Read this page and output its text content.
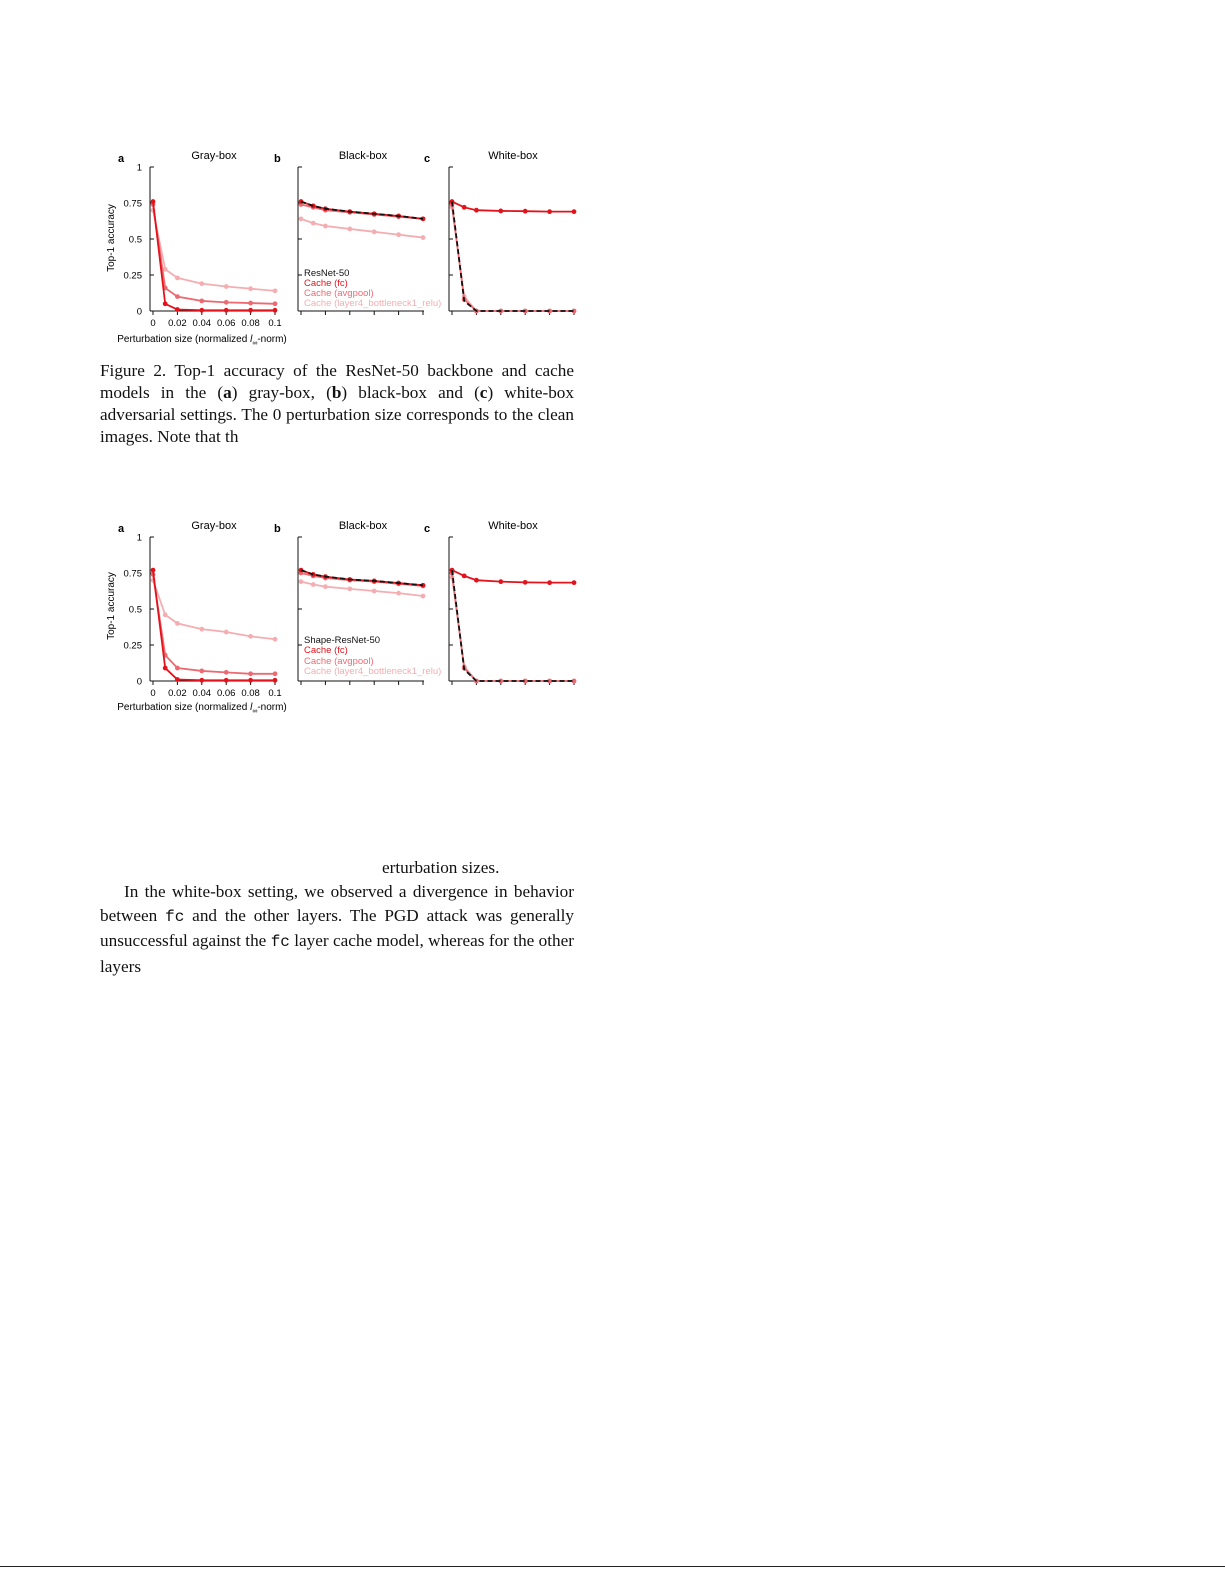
a	Gray-box	b	Black-box	c	White-box
Top-1 accuracy
Perturbation size (normalized $l_\infty-norm$)
ResNet-50
Cache (fc)
Cache (avgpool)
Cache (layer4_bottleneck1_relu)
0
0.25
0.5
0.75
1
0 0.02 0.04 0.06 0.08 0.1
Figure 2. Top-1 accuracy of the ResNet-50 backbone and cache models in the (a) gray-box, (b) black-box and (c) white-box adversarial settings. The 0 perturbation size corresponds to the clean images. Note that th
a	Gray-box	b	Black-box	c	White-box
Top-1 accuracy
Perturbation size (normalized $l_\infty-norm$)
Shape-ResNet-50
Cache (fc)
Cache (avgpool)
Cache (layer4_bottleneck1_relu)
0
0.25
0.5
0.75
1
0 0.02 0.04 0.06 0.08 0.1
erturbation sizes.
In the white-box setting, we observed a divergence in behavior between fc and the other layers. The PGD attack was generally unsuccessful against the fc layer cache model, whereas for the other layers
